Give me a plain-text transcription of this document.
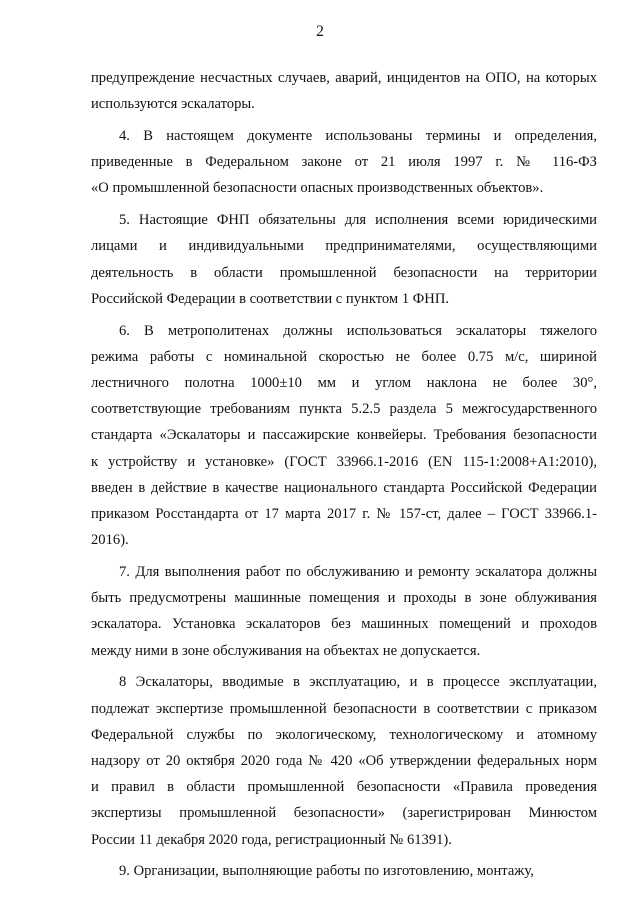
2
предупреждение несчастных случаев, аварий, инцидентов на ОПО, на которых
используются эскалаторы.
4. В настоящем документе использованы термины и определения,
приведенные в Федеральном законе от 21 июля 1997 г. № 116-ФЗ
«О промышленной безопасности опасных производственных объектов».
5. Настоящие ФНП обязательны для исполнения всеми юридическими
лицами и индивидуальными предпринимателями, осуществляющими
деятельность в области промышленной безопасности на территории
Российской Федерации в соответствии с пунктом 1 ФНП.
6. В метрополитенах должны использоваться эскалаторы тяжелого
режима работы с номинальной скоростью не более 0.75 м/с, шириной
лестничного полотна 1000±10 мм и углом наклона не более 30°,
соответствующие требованиям пункта 5.2.5 раздела 5 межгосударственного
стандарта «Эскалаторы и пассажирские конвейеры. Требования безопасности
к устройству и установке» (ГОСТ 33966.1-2016 (EN 115-1:2008+A1:2010),
введен в действие в качестве национального стандарта Российской Федерации
приказом Росстандарта от 17 марта 2017 г. № 157-ст, далее – ГОСТ 33966.1-
2016).
7. Для выполнения работ по обслуживанию и ремонту эскалатора должны
быть предусмотрены машинные помещения и проходы в зоне облуживания
эскалатора. Установка эскалаторов без машинных помещений и проходов
между ними в зоне обслуживания на объектах не допускается.
8 Эскалаторы, вводимые в эксплуатацию, и в процессе эксплуатации,
подлежат экспертизе промышленной безопасности в соответствии с приказом
Федеральной службы по экологическому, технологическому и атомному
надзору от 20 октября 2020 года № 420 «Об утверждении федеральных норм
и правил в области промышленной безопасности «Правила проведения
экспертизы промышленной безопасности» (зарегистрирован Минюстом
России 11 декабря 2020 года, регистрационный № 61391).
9. Организации, выполняющие работы по изготовлению, монтажу,
